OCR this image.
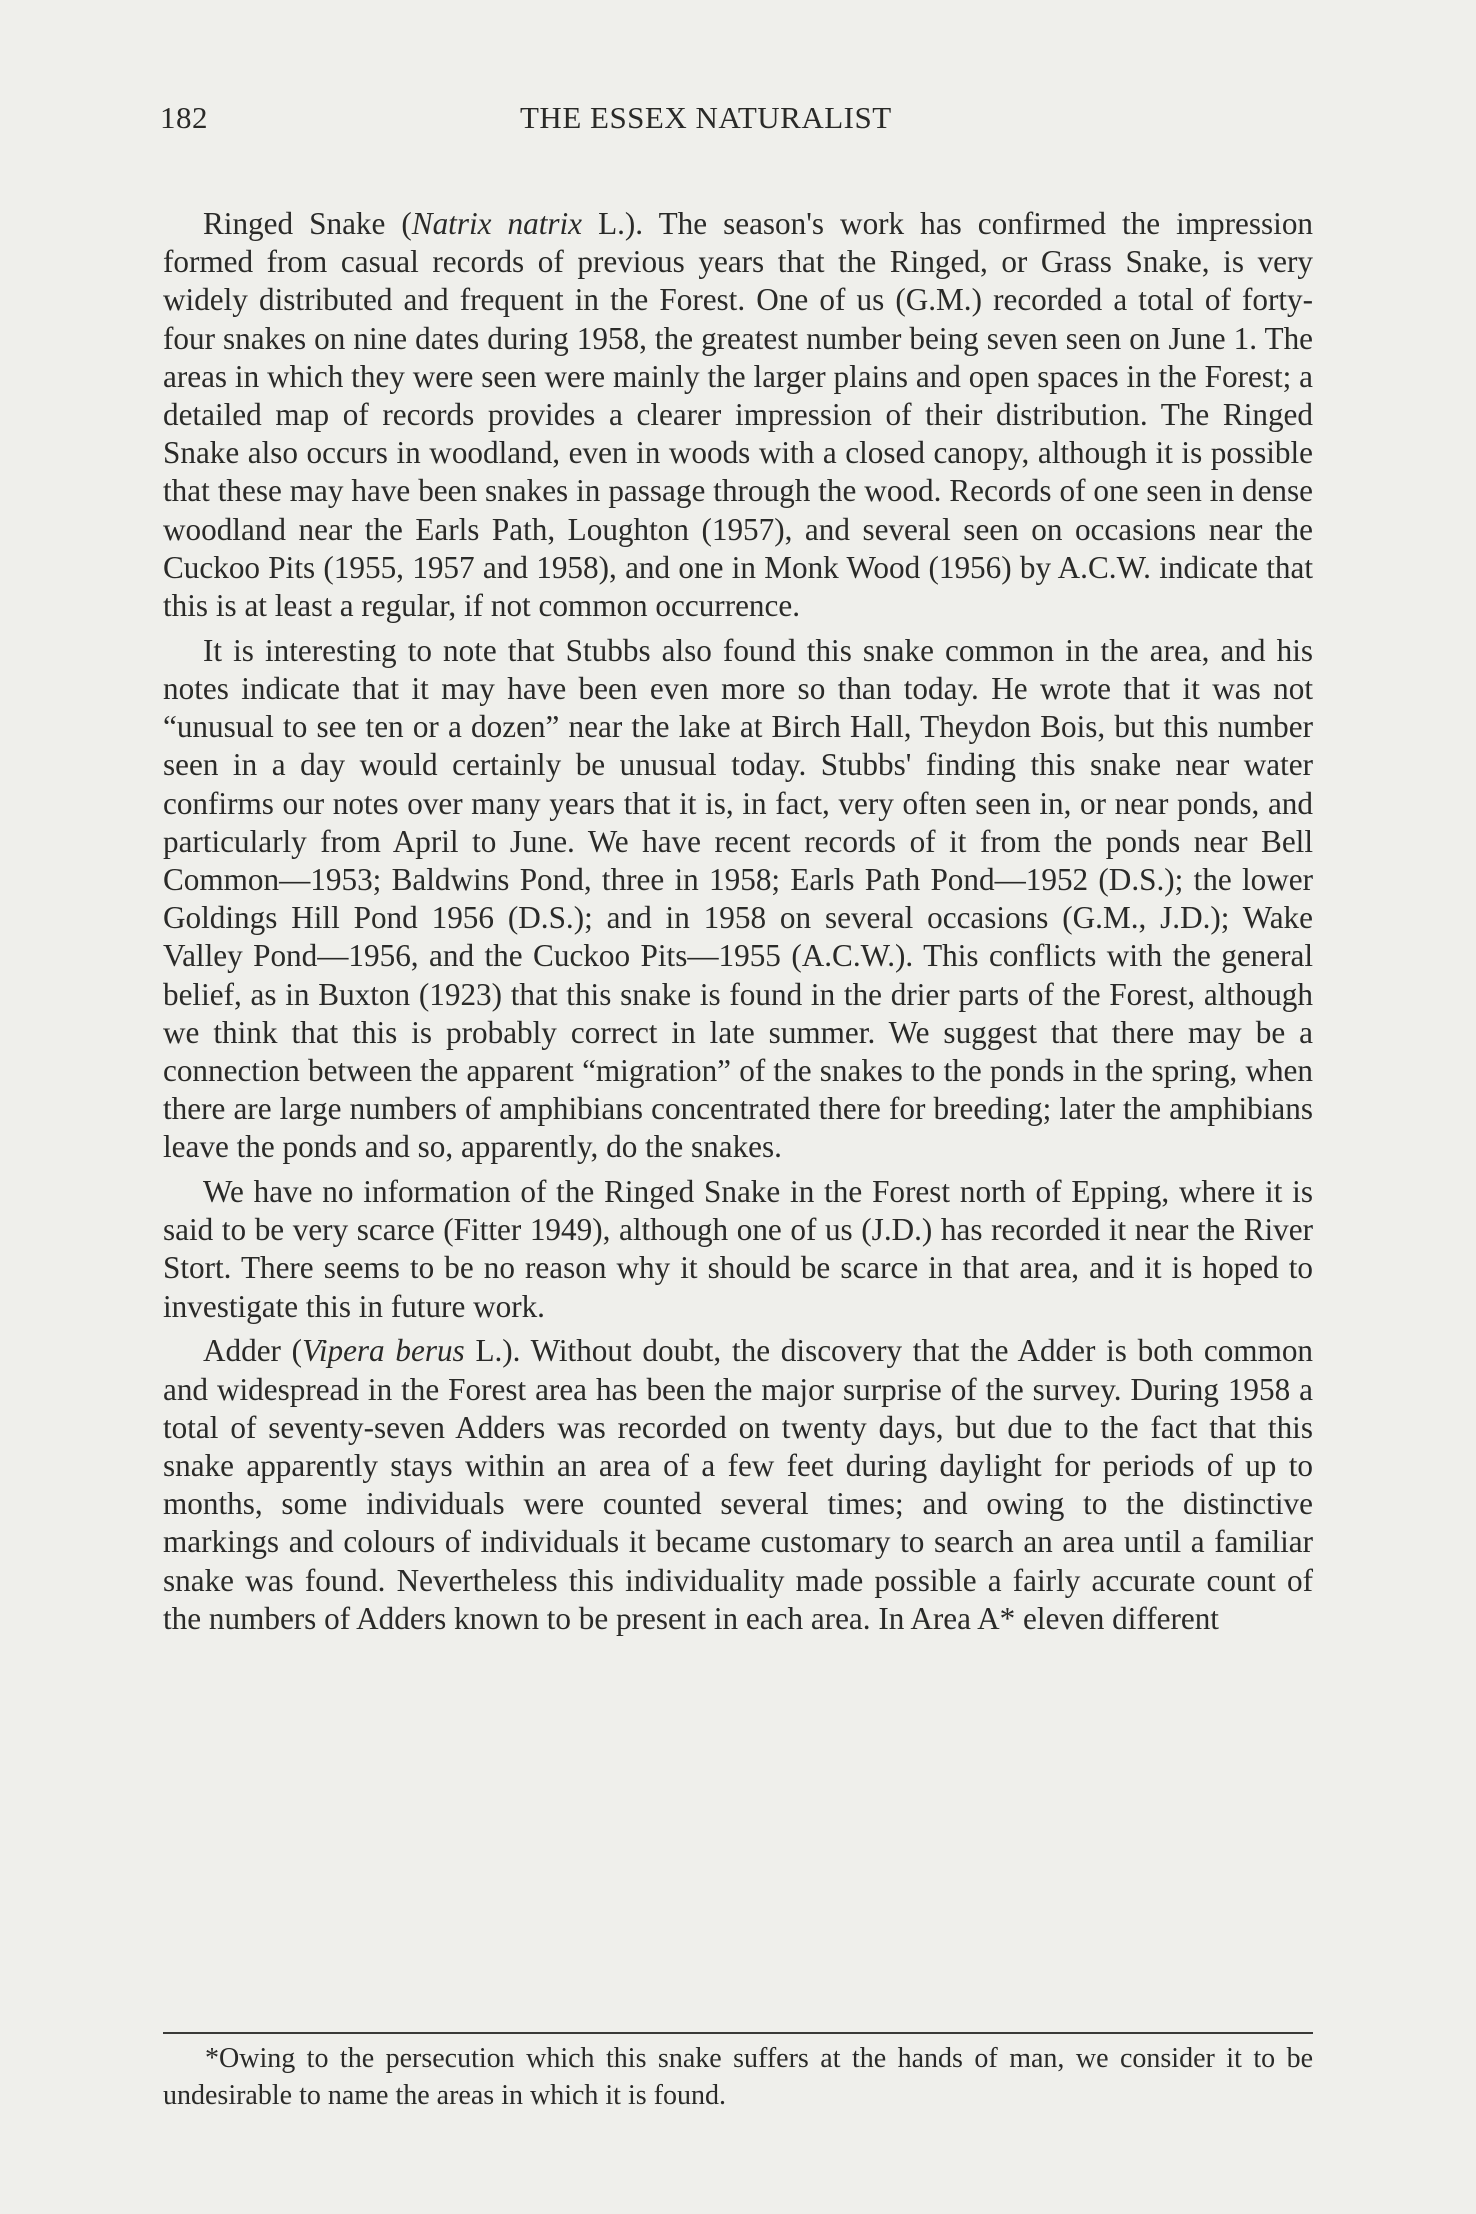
182	THE ESSEX NATURALIST

Ringed Snake (Natrix natrix L.). The season's work has confirmed the impression formed from casual records of previous years that the Ringed, or Grass Snake, is very widely distributed and frequent in the Forest. One of us (G.M.) recorded a total of forty-four snakes on nine dates during 1958, the greatest number being seven seen on June 1. The areas in which they were seen were mainly the larger plains and open spaces in the Forest; a detailed map of records provides a clearer impression of their distribution. The Ringed Snake also occurs in woodland, even in woods with a closed canopy, although it is possible that these may have been snakes in passage through the wood. Records of one seen in dense woodland near the Earls Path, Loughton (1957), and several seen on occasions near the Cuckoo Pits (1955, 1957 and 1958), and one in Monk Wood (1956) by A.C.W. indicate that this is at least a regular, if not common occurrence.

It is interesting to note that Stubbs also found this snake common in the area, and his notes indicate that it may have been even more so than today. He wrote that it was not “unusual to see ten or a dozen” near the lake at Birch Hall, Theydon Bois, but this number seen in a day would certainly be unusual today. Stubbs' finding this snake near water confirms our notes over many years that it is, in fact, very often seen in, or near ponds, and particularly from April to June. We have recent records of it from the ponds near Bell Common—1953; Baldwins Pond, three in 1958; Earls Path Pond—1952 (D.S.); the lower Goldings Hill Pond 1956 (D.S.); and in 1958 on several occasions (G.M., J.D.); Wake Valley Pond—1956, and the Cuckoo Pits—1955 (A.C.W.). This conflicts with the general belief, as in Buxton (1923) that this snake is found in the drier parts of the Forest, although we think that this is probably correct in late summer. We suggest that there may be a connection between the apparent “migration” of the snakes to the ponds in the spring, when there are large numbers of amphibians concentrated there for breeding; later the amphibians leave the ponds and so, apparently, do the snakes.

We have no information of the Ringed Snake in the Forest north of Epping, where it is said to be very scarce (Fitter 1949), although one of us (J.D.) has recorded it near the River Stort. There seems to be no reason why it should be scarce in that area, and it is hoped to investigate this in future work.

Adder (Vipera berus L.). Without doubt, the discovery that the Adder is both common and widespread in the Forest area has been the major surprise of the survey. During 1958 a total of seventy-seven Adders was recorded on twenty days, but due to the fact that this snake apparently stays within an area of a few feet during daylight for periods of up to months, some individuals were counted several times; and owing to the distinctive markings and colours of individuals it became customary to search an area until a familiar snake was found. Nevertheless this individuality made possible a fairly accurate count of the numbers of Adders known to be present in each area. In Area A* eleven different

*Owing to the persecution which this snake suffers at the hands of man, we consider it to be undesirable to name the areas in which it is found.
